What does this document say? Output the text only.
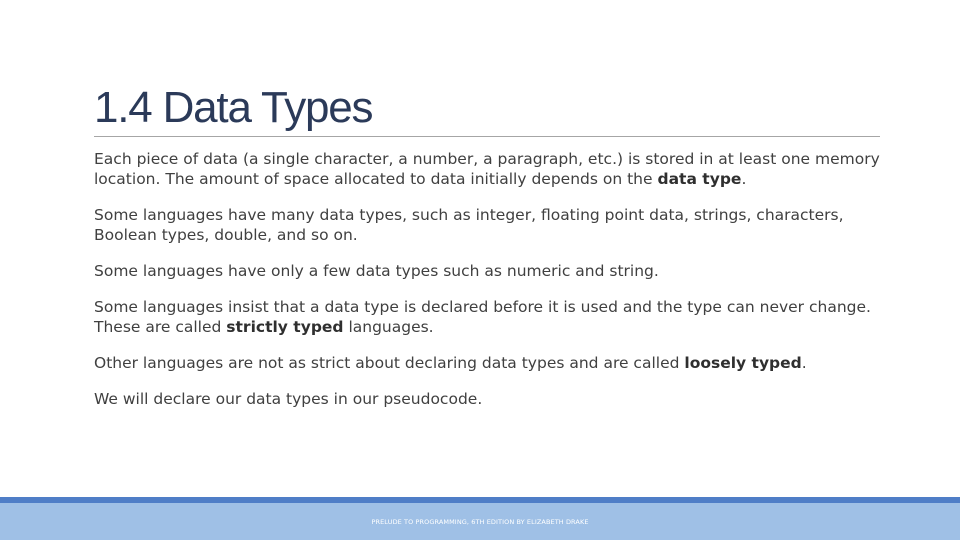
1.4 Data Types

Each piece of data (a single character, a number, a paragraph, etc.) is stored in at least one memory location. The amount of space allocated to data initially depends on the data type.

Some languages have many data types, such as integer, floating point data, strings, characters, Boolean types, double, and so on.

Some languages have only a few data types such as numeric and string.

Some languages insist that a data type is declared before it is used and the type can never change. These are called strictly typed languages.

Other languages are not as strict about declaring data types and are called loosely typed.

We will declare our data types in our pseudocode.

PRELUDE TO PROGRAMMING, 6TH EDITION BY ELIZABETH DRAKE
